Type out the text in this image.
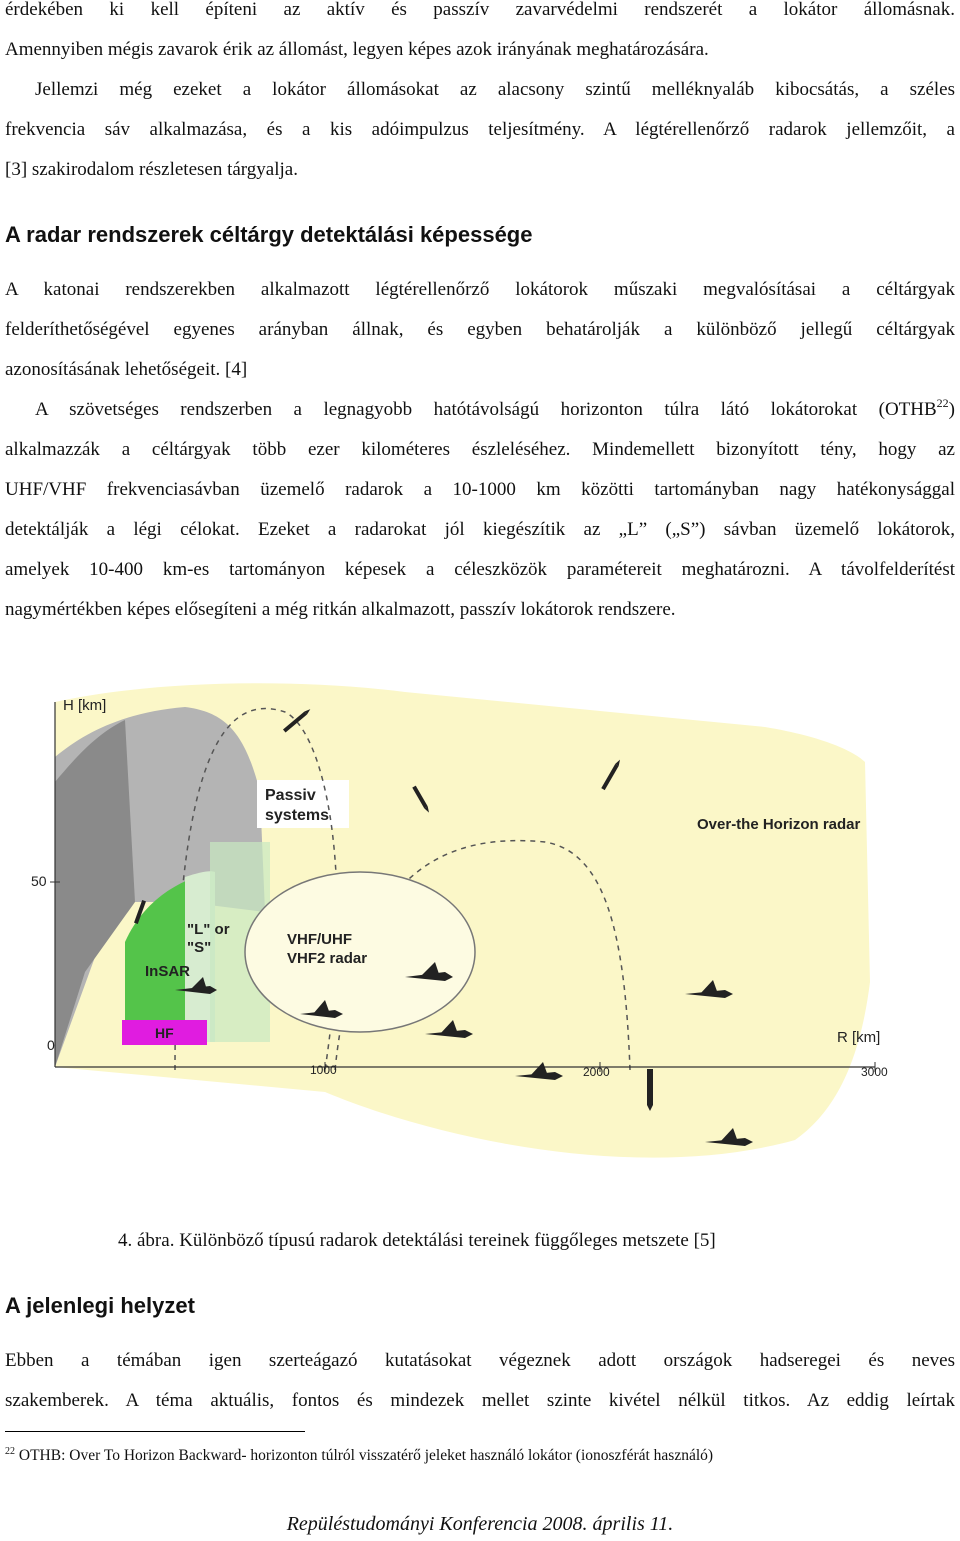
érdekében ki kell építeni az aktív és passzív zavarvédelmi rendszerét a lokátor állomásnak.
Amennyiben mégis zavarok érik az állomást, legyen képes azok irányának meghatározására.
Jellemzi még ezeket a lokátor állomásokat az alacsony szintű melléknyaláb kibocsátás, a széles
frekvencia sáv alkalmazása, és a kis adóimpulzus teljesítmény. A légtérellenőrző radarok jellemzőit, a
[3] szakirodalom részletesen tárgyalja.
A radar rendszerek céltárgy detektálási képessége
A katonai rendszerekben alkalmazott légtérellenőrző lokátorok műszaki megvalósításai a céltárgyak
felderíthetőségével egyenes arányban állnak, és egyben behatárolják a különböző jellegű céltárgyak
azonosításának lehetőségeit. [4]
A szövetséges rendszerben a legnagyobb hatótávolságú horizonton túlra látó lokátorokat (OTHB$^{22}$)
alkalmazzák a céltárgyak több ezer kilométeres észleléséhez. Mindemellett bizonyított tény, hogy az
UHF/VHF frekvenciasávban üzemelő radarok a 10-1000 km közötti tartományban nagy hatékonysággal
detektálják a légi célokat. Ezeket a radarokat jól kiegészítik az „L” („S”) sávban üzemelő lokátorok,
amelyek 10-400 km-es tartományon képesek a céleszközök paramétereit meghatározni. A távolfelderítést
nagymértékben képes elősegíteni a még ritkán alkalmazott, passzív lokátorok rendszere.
H [km]
50
0	R [km]
1000	2000	3000
Passiv
systems
Over-the Horizon radar
"L" or
"S"
InSAR
VHF/UHF
VHF2 radar
HF
4. ábra. Különböző típusú radarok detektálási tereinek függőleges metszete [5]
A jelenlegi helyzet
Ebben a témában igen szerteágazó kutatásokat végeznek adott országok hadseregei és neves
szakemberek. A téma aktuális, fontos és mindezek mellet szinte kivétel nélkül titkos. Az eddig leírtak
$^{22}$ OTHB: Over To Horizon Backward- horizonton túlról visszatérő jeleket használó lokátor (ionoszférát használó)
Repüléstudományi Konferencia 2008. április 11.
